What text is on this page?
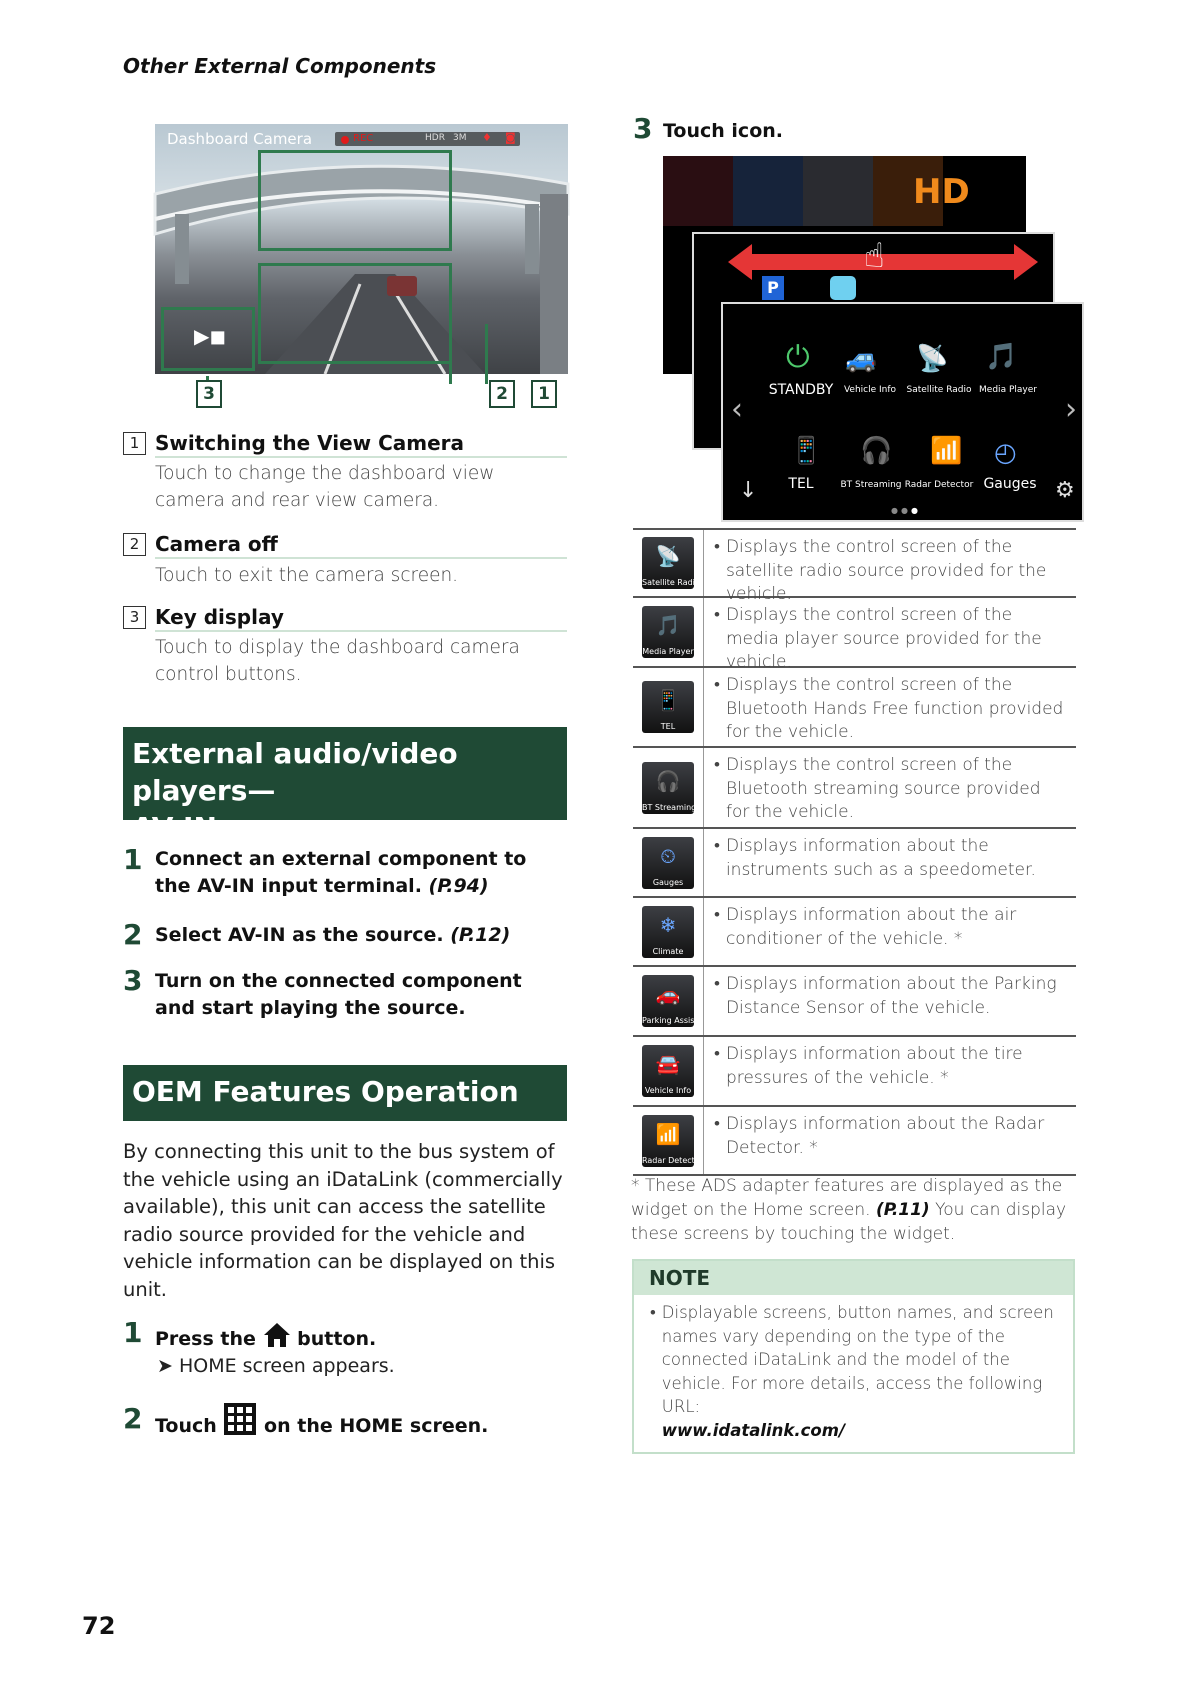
Other External Components
Dashboard Camera	REC	HDR 3M ♦ ◙
▶◼
3	2	1
1 Switching the View Camera
Touch to change the dashboard view camera and rear view camera.
2 Camera off
Touch to exit the camera screen.
3 Key display
Touch to display the dashboard camera control buttons.
External audio/video players—
AV-IN
1 Connect an external component to the AV-IN input terminal. (P.94)
2 Select AV-IN as the source. (P.12)
3 Turn on the connected component and start playing the source.
OEM Features Operation
By connecting this unit to the bus system of the vehicle using an iDataLink (commercially available), this unit can access the satellite radio source provided for the vehicle and vehicle information can be displayed on this unit.
1 Press the  button.
➤ HOME screen appears.
2 Touch  on the HOME screen.
3 Touch icon.
HD
☝
P
⏻ 🚙 📡 🎵
STANDBY	Vehicle Info	Satellite Radio Media Player
📱 🎧 📶 ◴
TEL	BT Streaming Radar Detector Gauges
‹	›
↓	⚙
●●●
📡
Satellite Radio
• Displays the control screen of the satellite radio source provided for the vehicle.
🎵
Media Player
• Displays the control screen of the media player source provided for the vehicle.
📱
TEL
• Displays the control screen of the Bluetooth Hands Free function provided for the vehicle.
🎧
BT Streaming
• Displays the control screen of the Bluetooth streaming source provided for the vehicle.
⏲
Gauges
• Displays information about the instruments such as a speedometer.
❄
Climate
• Displays information about the air conditioner of the vehicle. *
🚗
Parking Assist
• Displays information about the Parking Distance Sensor of the vehicle.
🚘
Vehicle Info
• Displays information about the tire pressures of the vehicle. *
📶
Radar Detector
• Displays information about the Radar Detector. *
* These ADS adapter features are displayed as the widget on the Home screen. (P.11) You can display these screens by touching the widget.
NOTE
• Displayable screens, button names, and screen names vary depending on the type of the connected iDataLink and the model of the vehicle. For more details, access the following URL:
www.idatalink.com/
72
